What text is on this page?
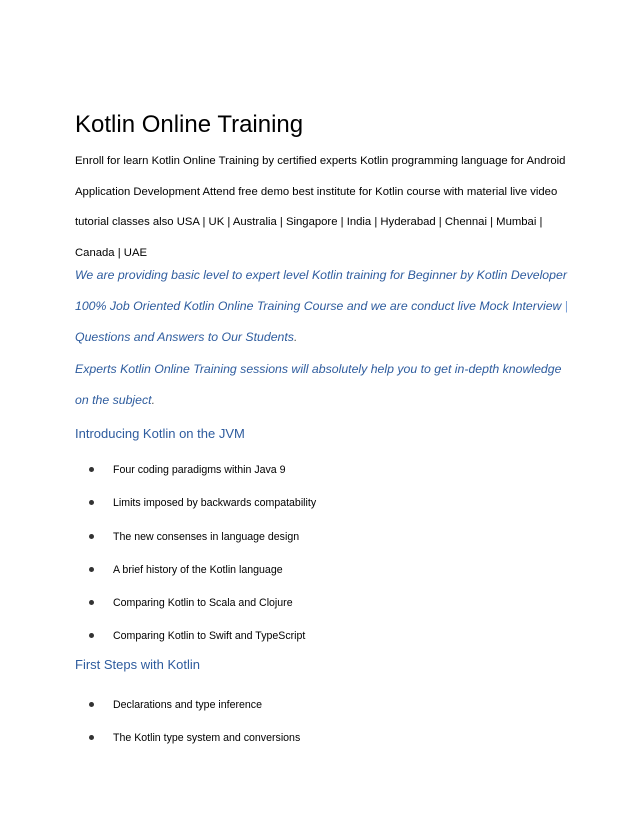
Kotlin Online Training
Enroll for learn Kotlin Online Training by certified experts Kotlin programming language for Android
Application Development Attend free demo best institute for Kotlin course with material live video
tutorial classes also USA | UK | Australia | Singapore | India | Hyderabad | Chennai | Mumbai |
Canada | UAE
We are providing basic level to expert level Kotlin training for Beginner by Kotlin Developer
100% Job Oriented Kotlin Online Training Course and we are conduct live Mock Interview |
Questions and Answers to Our Students.
Experts Kotlin Online Training sessions will absolutely help you to get in-depth knowledge
on the subject.
Introducing Kotlin on the JVM
Four coding paradigms within Java 9
Limits imposed by backwards compatability
The new consenses in language design
A brief history of the Kotlin language
Comparing Kotlin to Scala and Clojure
Comparing Kotlin to Swift and TypeScript
First Steps with Kotlin
Declarations and type inference
The Kotlin type system and conversions
